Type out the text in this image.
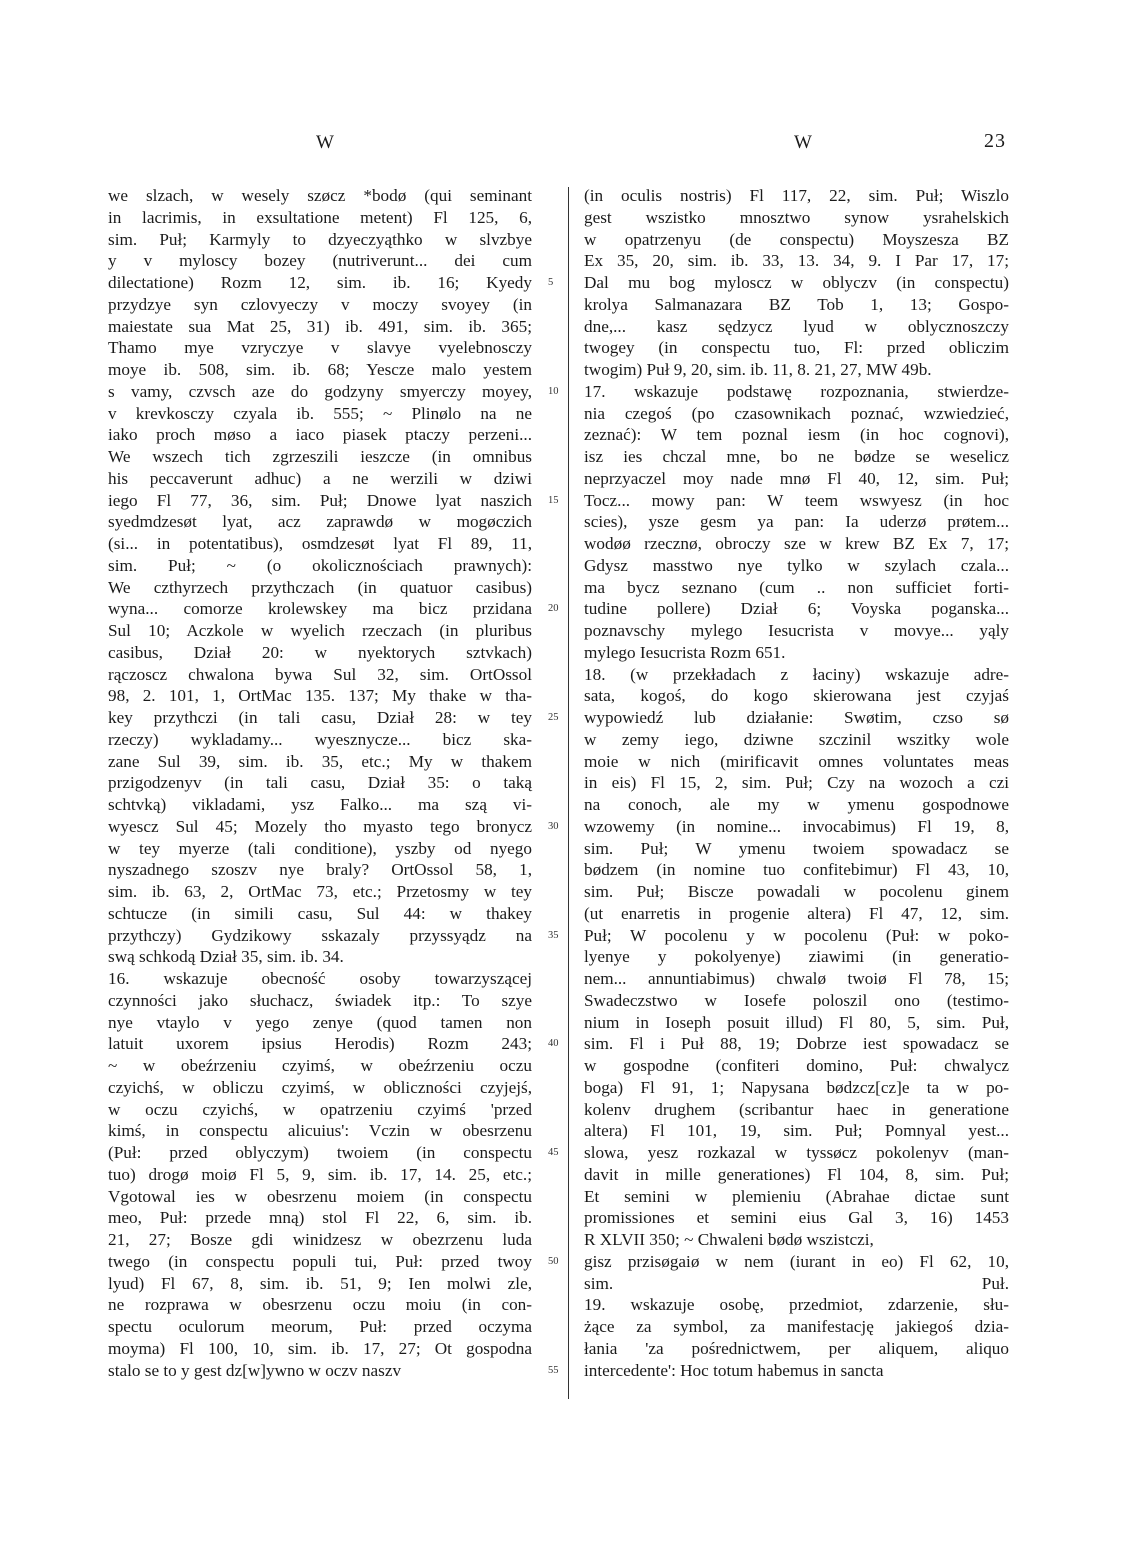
W	W	23
we slzach, w wesely szøcz *bodø (qui seminant
in lacrimis, in exsultatione metent) Fl 125, 6,
sim. Puł; Karmyly to dzyeczyąthko w slvzbye
y v myloscy bozey (nutriverunt... dei cum
dilectatione) Rozm 12, sim. ib. 16; Kyedy
przydzye syn czlovyeczy v moczy svoyey (in
maiestate sua Mat 25, 31) ib. 491, sim. ib. 365;
Thamo mye vzryczye v slavye vyelebnosczy
moye ib. 508, sim. ib. 68; Yescze malo yestem
s vamy, czvsch aze do godzyny smyerczy moyey,
v krevkosczy czyala ib. 555; ~ Plinølo na ne
iako proch møso a iaco piasek ptaczy perzeni...
We wszech tich zgrzeszili ieszcze (in omnibus
his peccaverunt adhuc) a ne werzili w dziwi
iego Fl 77, 36, sim. Puł; Dnowe lyat naszich
syedmdzesøt lyat, acz zaprawdø w mogøczich
(si... in potentatibus), osmdzesøt lyat Fl 89, 11,
sim. Puł; ~ (o okolicznościach prawnych):
We czthyrzech przythczach (in quatuor casibus)
wyna... comorze krolewskey ma bicz przidana
Sul 10; Aczkole w wyelich rzeczach (in pluribus
casibus, Dział 20: w nyektorych sztvkach)
rączoscz chwalona bywa Sul 32, sim. OrtOssol
98, 2. 101, 1, OrtMac 135. 137; My thake w tha-
key przythczi (in tali casu, Dział 28: w tey
rzeczy) wykladamy... wyesznycze... bicz ska-
zane Sul 39, sim. ib. 35, etc.; My w thakem
przigodzenyv (in tali casu, Dział 35: o taką
schtvką) vikladami, ysz Falko... ma szą vi-
wyescz Sul 45; Mozely tho myasto tego bronycz
w tey myerze (tali conditione), yszby od nyego
nyszadnego szoszv nye braly? OrtOssol 58, 1,
sim. ib. 63, 2, OrtMac 73, etc.; Przetosmy w tey
schtucze (in simili casu, Sul 44: w thakey
przythczy) Gydzikowy sskazaly przyssyądz na
swą schkodą Dział 35, sim. ib. 34.
16. wskazuje obecność osoby towarzyszącej
czynności jako słuchacz, świadek itp.: To szye
nye vtaylo v yego zenye (quod tamen non
latuit uxorem ipsius Herodis) Rozm 243;
~ w obeźrzeniu czyimś, w obeźrzeniu oczu
czyichś, w obliczu czyimś, w obliczności czyjejś,
w oczu czyichś, w opatrzeniu czyimś 'przed
kimś, in conspectu alicuius': Vczin w obesrzenu
(Puł: przed oblyczym) twoiem (in conspectu
tuo) drogø moiø Fl 5, 9, sim. ib. 17, 14. 25, etc.;
Vgotowal ies w obesrzenu moiem (in conspectu
meo, Puł: przede mną) stol Fl 22, 6, sim. ib.
21, 27; Bosze gdi winidzesz w obezrzenu luda
twego (in conspectu populi tui, Puł: przed twoy
lyud) Fl 67, 8, sim. ib. 51, 9; Ien molwi zle,
ne rozprawa w obesrzenu oczu moiu (in con-
spectu oculorum meorum, Puł: przed oczyma
moyma) Fl 100, 10, sim. ib. 17, 27; Ot gospodna
stalo se to y gest dz[w]ywno w oczv naszv
5
10
15
20
25
30
35
40
45
50
55
(in oculis nostris) Fl 117, 22, sim. Puł; Wiszlo
gest wszistko mnosztwo synow ysrahelskich
w opatrzenyu (de conspectu) Moyszesza BZ
Ex 35, 20, sim. ib. 33, 13. 34, 9. I Par 17, 17;
Dal mu bog myloscz w oblyczv (in conspectu)
krolya Salmanazara BZ Tob 1, 13; Gospo-
dne,... kasz sędzycz lyud w oblycznoszczy
twogey (in conspectu tuo, Fl: przed obliczim
twogim) Puł 9, 20, sim. ib. 11, 8. 21, 27, MW 49b.
17. wskazuje podstawę rozpoznania, stwierdze-
nia czegoś (po czasownikach poznać, wzwiedzieć,
zeznać): W tem poznal iesm (in hoc cognovi),
isz ies chczal mne, bo ne bødze se weselicz
neprzyaczel moy nade mnø Fl 40, 12, sim. Puł;
Tocz... mowy pan: W teem wswyesz (in hoc
scies), ysze gesm ya pan: Ia uderzø prøtem...
wodøø rzecznø, obroczy sze w krew BZ Ex 7, 17;
Gdysz masstwo nye tylko w szylach czala...
ma bycz seznano (cum .. non sufficiet forti-
tudine pollere) Dział 6; Voyska poganska...
poznavschy mylego Iesucrista v movye... yąly
mylego Iesucrista Rozm 651.
18. (w przekładach z łaciny) wskazuje adre-
sata, kogoś, do kogo skierowana jest czyjaś
wypowiedź lub działanie: Swøtim, czso sø
w zemy iego, dziwne szczinil wszitky wole
moie w nich (mirificavit omnes voluntates meas
in eis) Fl 15, 2, sim. Puł; Czy na wozoch a czi
na conoch, ale my w ymenu gospodnowe
wzowemy (in nomine... invocabimus) Fl 19, 8,
sim. Puł; W ymenu twoiem spowadacz se
bødzem (in nomine tuo confitebimur) Fl 43, 10,
sim. Puł; Bisczе powadali w pocolenu ginem
(ut enarretis in progenie altera) Fl 47, 12, sim.
Puł; W pocolenu y w pocolenu (Puł: w poko-
lyenye y pokolyenye) ziawimi (in generatio-
nem... annuntiabimus) chwalø twoiø Fl 78, 15;
Swadeczstwo w Iosefe poloszil ono (testimo-
nium in Ioseph posuit illud) Fl 80, 5, sim. Puł,
sim. Fl i Puł 88, 19; Dobrze iest spowadacz se
w gospodne (confiteri domino, Puł: chwalycz
boga) Fl 91, 1; Napysana bødzcz[cz]e ta w po-
kolenv drughem (scribantur haec in generatione
altera) Fl 101, 19, sim. Puł; Pomnyal yest...
slowa, yesz rozkazal w tyssøcz pokolenyv (man-
davit in mille generationes) Fl 104, 8, sim. Puł;
Et semini w plemieniu (Abrahae dictae sunt
promissiones et semini eius Gal 3, 16) 1453
R XLVII 350; ~ Chwaleni bødø wszistczi,
gisz przisøgaiø w nem (iurant in eo) Fl 62, 10,
sim. Puł.
19. wskazuje osobę, przedmiot, zdarzenie, słu-
żące za symbol, za manifestację jakiegoś dzia-
łania 'za pośrednictwem, per aliquem, aliquo
intercedente': Hoc totum habemus in sancta
